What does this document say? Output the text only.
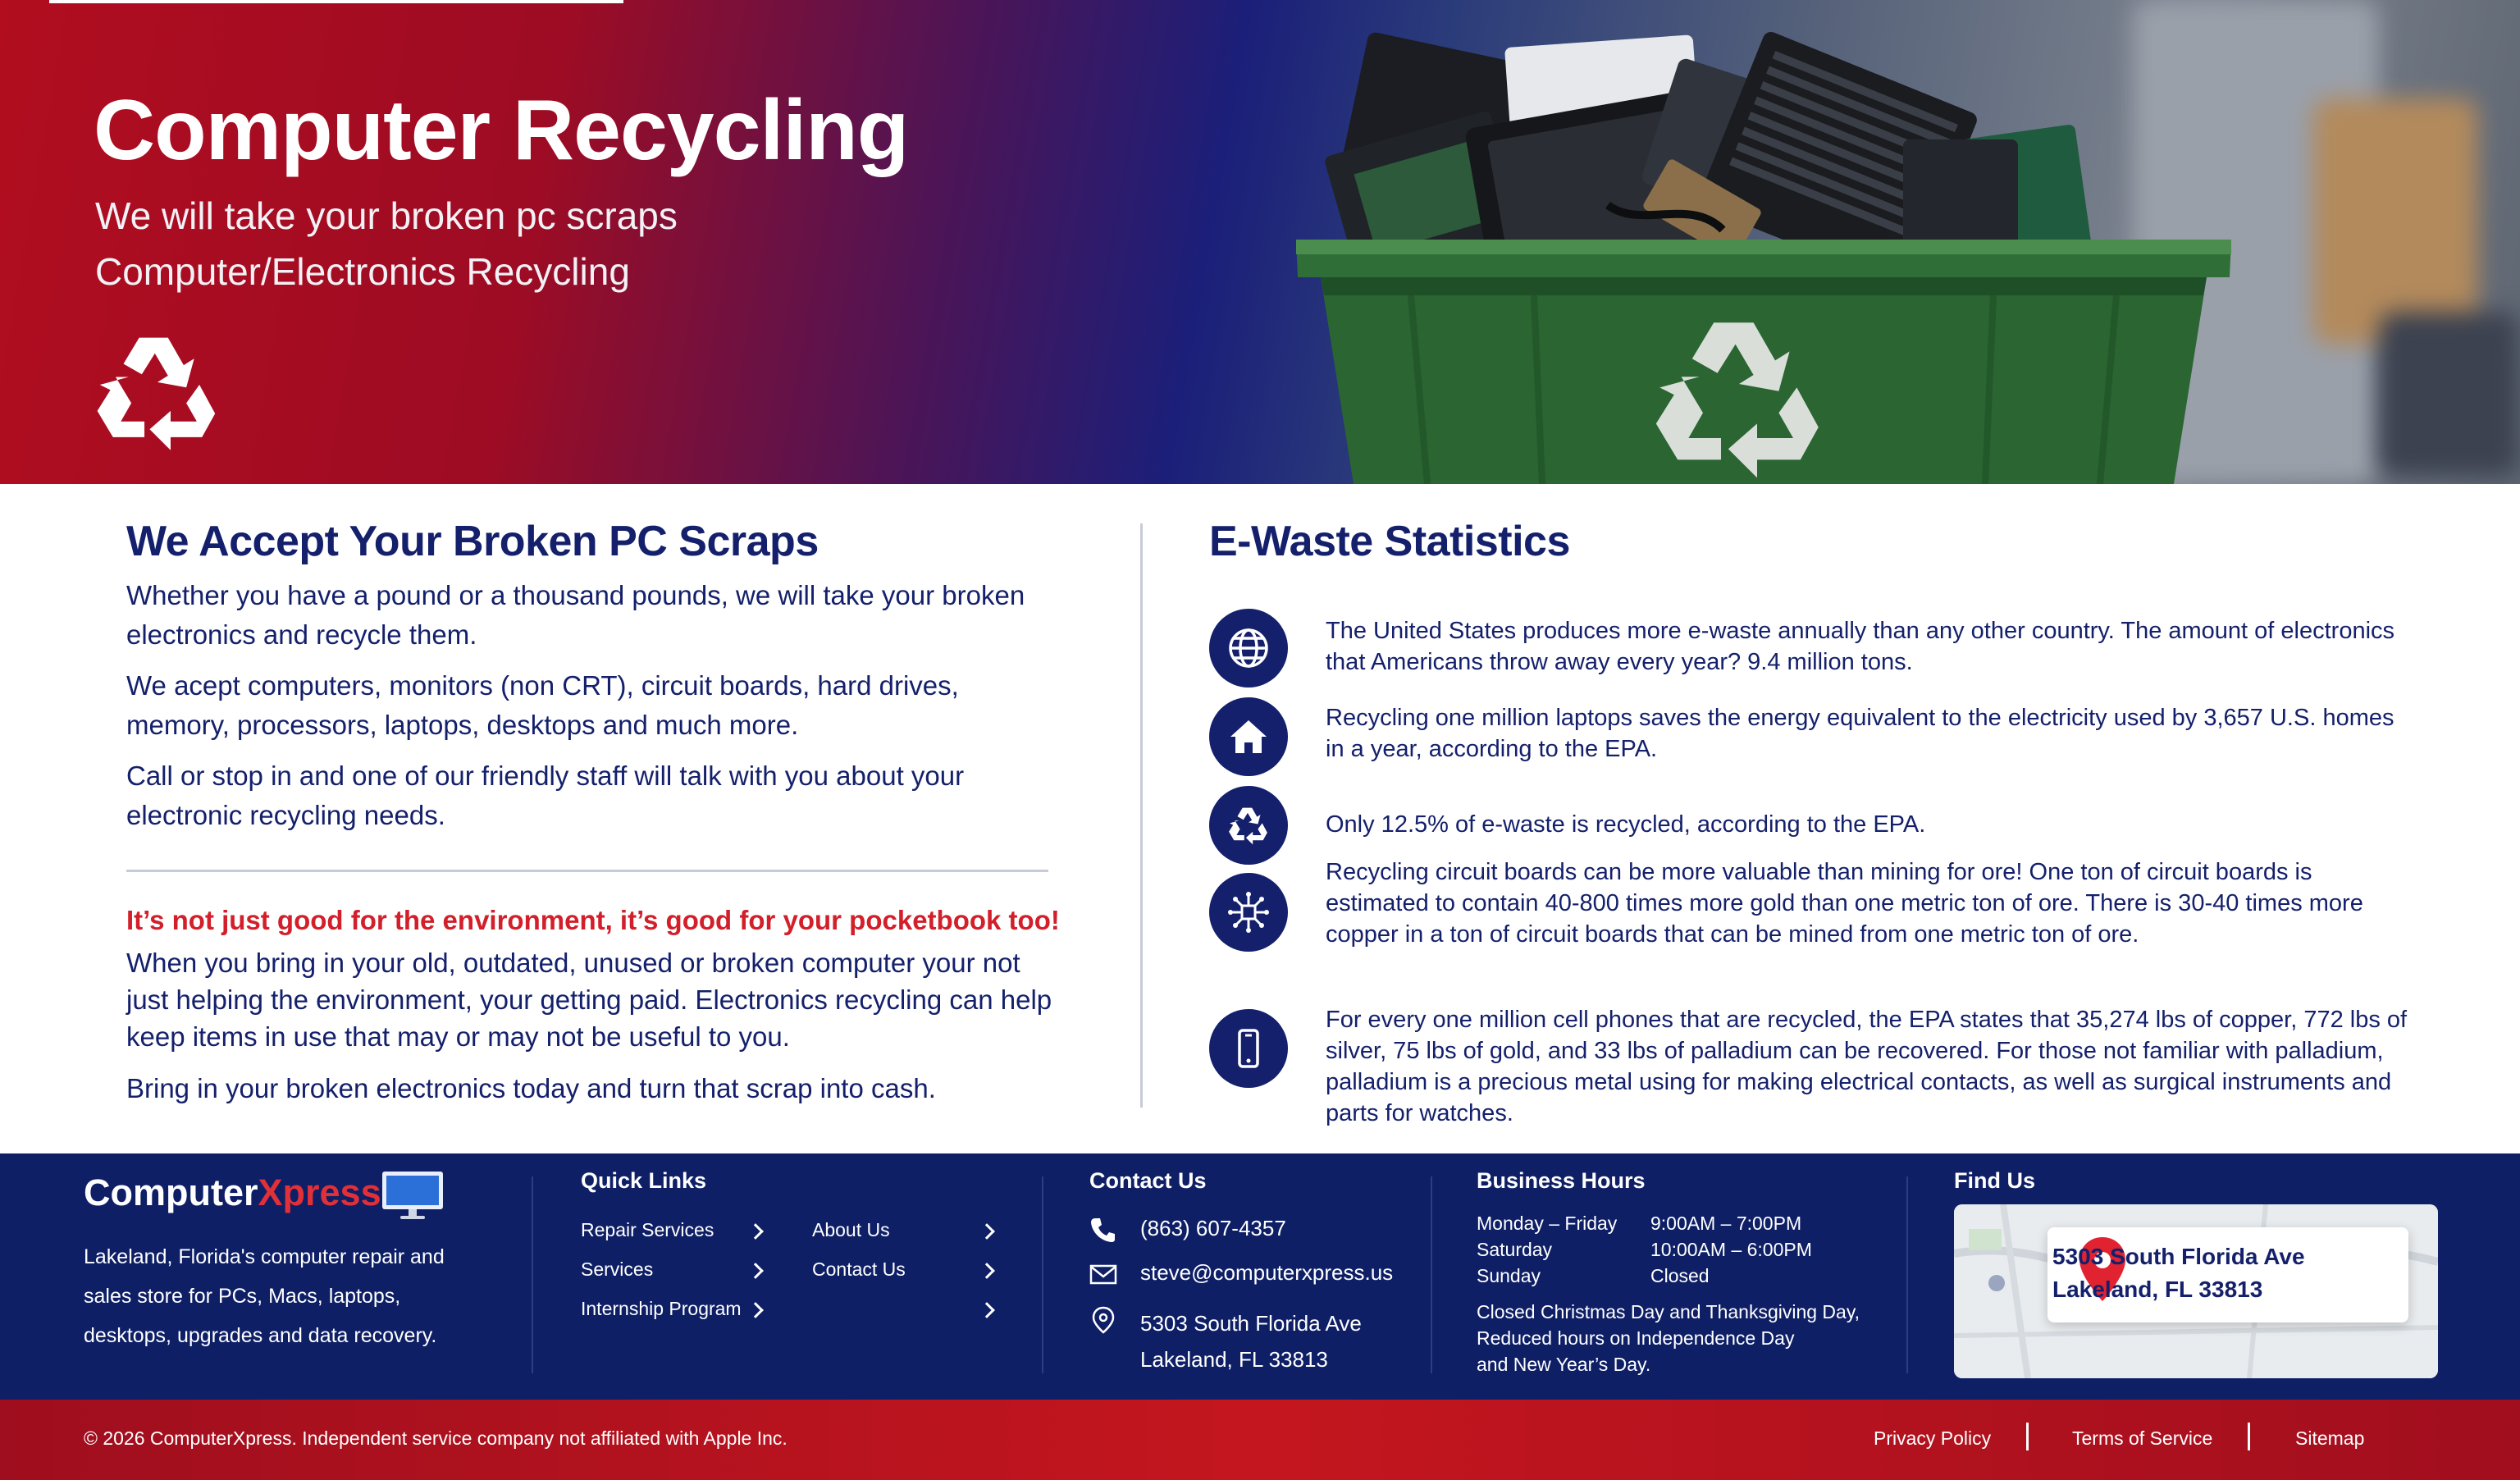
Computer Recycling
We will take your broken pc scraps
Computer/Electronics Recycling
We Accept Your Broken PC Scraps

Whether you have a pound or a thousand pounds, we will take your broken electronics and recycle them.

We acept computers, monitors (non CRT), circuit boards, hard drives, memory, processors, laptops, desktops and much more.

Call or stop in and one of our friendly staff will talk with you about your electronic recycling needs.

It’s not just good for the environment, it’s good for your pocketbook too!

When you bring in your old, outdated, unused or broken computer your not just helping the environment, your getting paid. Electronics recycling can help keep items in use that may or may not be useful to you.

Bring in your broken electronics today and turn that scrap into cash.

E-Waste Statistics
The United States produces more e-waste annually than any other country. The amount of electronics that Americans throw away every year? 9.4 million tons.
Recycling one million laptops saves the energy equivalent to the electricity used by 3,657 U.S. homes in a year, according to the EPA.
Only 12.5% of e-waste is recycled, according to the EPA.
Recycling circuit boards can be more valuable than mining for ore! One ton of circuit boards is estimated to contain 40-800 times more gold than one metric ton of ore. There is 30-40 times more copper in a ton of circuit boards that can be mined from one metric ton of ore.
For every one million cell phones that are recycled, the EPA states that 35,274 lbs of copper, 772 lbs of silver, 75 lbs of gold, and 33 lbs of palladium can be recovered. For those not familiar with palladium, palladium is a precious metal using for making electrical contacts, as well as surgical instruments and parts for watches.
ComputerXpress

Lakeland, Florida's computer repair and sales store for PCs, Macs, laptops, desktops, upgrades and data recovery.

Quick Links
Repair Services
Services
Internship Program
About Us
Contact Us
Contact Us
(863) 607-4357
steve@computerxpress.us
5303 South Florida Ave
Lakeland, FL 33813
Business Hours
Monday – Friday 9:00AM – 7:00PM
Saturday	10:00AM – 6:00PM
Sunday	Closed
Closed Christmas Day and Thanksgiving Day,
Reduced hours on Independence Day
and New Year’s Day.
Find Us
5303 South Florida Ave
Lakeland, FL 33813
© 2026 ComputerXpress. Independent service company not affiliated with Apple Inc.	Privacy Policy	Terms of Service	Sitemap
